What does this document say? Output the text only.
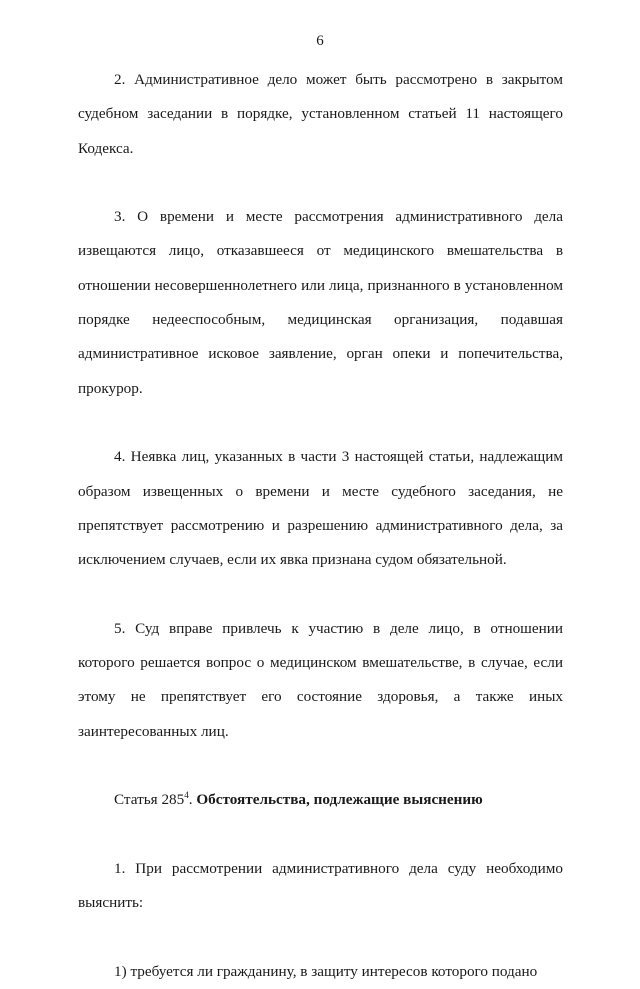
6

2. Административное дело может быть рассмотрено в закрытом судебном заседании в порядке, установленном статьей 11 настоящего Кодекса.

3. О времени и месте рассмотрения административного дела извещаются лицо, отказавшееся от медицинского вмешательства в отношении несовершеннолетнего или лица, признанного в установленном порядке недееспособным, медицинская организация, подавшая административное исковое заявление, орган опеки и попечительства, прокурор.

4. Неявка лиц, указанных в части 3 настоящей статьи, надлежащим образом извещенных о времени и месте судебного заседания, не препятствует рассмотрению и разрешению административного дела, за исключением случаев, если их явка признана судом обязательной.

5. Суд вправе привлечь к участию в деле лицо, в отношении которого решается вопрос о медицинском вмешательстве, в случае, если этому не препятствует его состояние здоровья, а также иных заинтересованных лиц.

Статья $285^4$. Обстоятельства, подлежащие выяснению

1. При рассмотрении административного дела суду необходимо выяснить:

1) требуется ли гражданину, в защиту интересов которого подано
